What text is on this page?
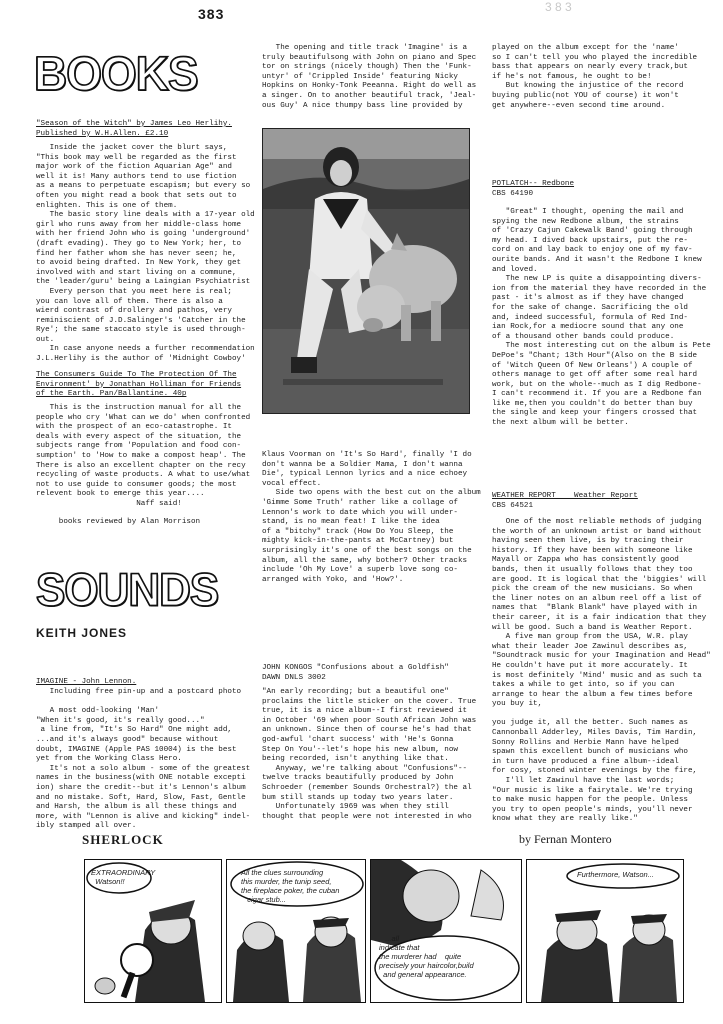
383	3 8 3
BOOKS
"Season of the Witch" by James Leo Herlihy.
Published by W.H.Allen. £2.10
Inside the jacket cover the blurt says,
"This book may well be regarded as the first
major work of the fiction Aquarian Age" and
well it is! Many authors tend to use fiction
as a means to perpetuate escapism; but every so
often you might read a book that sets out to
enlighten. This is one of them.
The basic story line deals with a 17-year old
girl who runs away from her middle-class home
with her friend John who is going 'underground'
(draft evading). They go to New York; her, to
find her father whom she has never seen; he,
to avoid being drafted. In New York, they get
involved with and start living on a commune,
the 'leader/guru' being a Laingian Psychiatrist
Every person that you meet here is real;
you can love all of them. There is also a
wierd contrast of drollery and pathos, very
reminiscient of J.D.Salinger's 'Catcher in the
Rye'; the same staccato style is used through-
out.
In case anyone needs a further recommendation
J.L.Herlihy is the author of 'Midnight Cowboy'
The Consumers Guide To The Protection Of The
Environment' by Jonathan Holliman for Friends
of the Earth. Pan/Ballantine. 40p
This is the instruction manual for all the
people who cry 'What can we do' when confronted
with the prospect of an eco-catastrophe. It
deals with every aspect of the situation, the
subjects range from 'Population and food con-
sumption' to 'How to make a compost heap'. The
There is also an excellent chapter on the recy
recycling of waste products. A what to use/what
not to use guide to consumer goods; the most
relevent book to emerge this year....
Naff said!
books reviewed by Alan Morrison
The opening and title track 'Imagine' is a
truly beautifulsong with John on piano and Spec
tor on strings (nicely though) Then the 'Funk-
untyr' of 'Crippled Inside' featuring Nicky
Hopkins on Honky-Tonk Peeanna. Right do well as
a singer. On to another beautiful track, 'Jeal-
ous Guy' A nice thumpy bass line provided by
Klaus Voorman on 'It's So Hard', finally 'I do
don't wanna be a Soldier Mama, I don't wanna
Die', typical Lennon lyrics and a nice echoey
vocal effect.
Side two opens with the best cut on the album
'Gimme Some Truth' rather like a collage of
Lennon's work to date which you will under-
stand, is no mean feat! I like the idea
of a "bitchy" track (How Do You Sleep, the
mighty kick-in-the-pants at McCartney) but
surprisingly it's one of the best songs on the
album, all the same, why bother? Other tracks
include 'Oh My Love' a superb love song co-
arranged with Yoko, and 'How?'.
SOUNDS
KEITH JONES
IMAGINE - John Lennon.
Including free pin-up and a postcard photo

A most odd-looking 'Man'
"When it's good, it's really good..."
a line from, "It's So Hard" One might add,
...and it's always good" because without
doubt, IMAGINE (Apple PAS 10004) is the best
yet from the Working Class Hero.
It's not a solo album - some of the greatest
names in the business(with ONE notable excepti
ion) share the credit--but it's Lennon's album
and no mistake. Soft, Hard, Slow, Fast, Gentle
and Harsh, the album is all these things and
more, with "Lennon is alive and kicking" indel-
ibly stamped all over.
JOHN KONGOS "Confusions about a Goldfish"
DAWN DNLS 3002
"An early recording; but a beautiful one"
proclaims the little sticker on the cover. True
true, it is a nice album--I first reviewed it
in October '69 when poor South African John was
an unknown. Since then of course he's had that
god-awful 'chart success' with 'He's Gonna
Step On You'--let's hope his new album, now
being recorded, isn't anything like that.
Anyway, we're talking about "Confusions"--
twelve tracks beautifully produced by John
Schroeder (remember Sounds Orchestral?) the al
bum still stands up today two years later.
Unfortunately 1969 was when they still
thought that people were not interested in who
played on the album except for the 'name'
so I can't tell you who played the incredible
bass that appears on nearly every track,but
if he's not famous, he ought to be!
But knowing the injustice of the record
buying public(not YOU of course) it won't
get anywhere--even second time around.
POTLATCH-- Redbone
CBS 64190
"Great" I thought, opening the mail and
spying the new Redbone album, the strains
of 'Crazy Cajun Cakewalk Band' going through
my head. I dived back upstairs, put the re-
cord on and lay back to enjoy one of my fav-
ourite bands. And it wasn't the Redbone I knew
and loved.
The new LP is quite a disappointing divers-
ion from the material they have recorded in the
past - it's almost as if they have changed
for the sake of change. Sacrificing the old
and, indeed successful, formula of Red Ind-
ian Rock,for a mediocre sound that any one
of a thousand other bands could produce.
The most interesting cut on the album is Pete
DePoe's "Chant; 13th Hour"(Also on the B side
of 'Witch Queen Of New Orleans') A couple of
others manage to get off after some real hard
work, but on the whole--much as I dig Redbone-
I can't recommend it. If you are a Redbone fan
like me,then you couldn't do better than buy
the single and keep your fingers crossed that
the next album will be better.
WEATHER REPORT    Weather Report
CBS 64521
One of the most reliable methods of judging
the worth of an unknown artist or band without
having seen them live, is by tracing their
history. If they have been with someone like
Mayall or Zappa who has consistently good
bands, then it usually follows that they too
are good. It is logical that the 'biggies' will
pick the cream of the new musicians. So when
the liner notes on an album reel off a list of
names that  "Blank Blank" have played with in
their career, it is a fair indication that they
will be good. Such a band is Weather Report.
A five man group from the USA, W.R. play
what their leader Joe Zawinul describes as,
"Soundtrack music for your Imagination and Head"
He couldn't have put it more accurately. It
is most definitely 'Mind' music and as such ta
takes a while to get into, so if you can
arrange to hear the album a few times before
you buy it,

you judge it, all the better. Such names as
Cannonball Adderley, Miles Davis, Tim Hardin,
Sonny Rollins and Herbie Mann have helped
spawn this excellent bunch of musicians who
in turn have produced a fine album--ideal
for cosy, stoned winter evenings by the fire,
I'll let Zawinul have the last words;
"Our music is like a fairytale. We're trying
to make music happen for the people. Unless
you try to open people's minds, you'll never
know what they are really like."
SHERLOCK	by Fernan Montero
EXTRAORDINARY
Watson!!
All the clues surrounding
this murder, the tunip seed,
the fireplace poker, the cuban
cigar stub...
...all
indicate that
the murderer had    quite
precisely your haircolor,build
and general appearance.
Furthermore, Watson...
